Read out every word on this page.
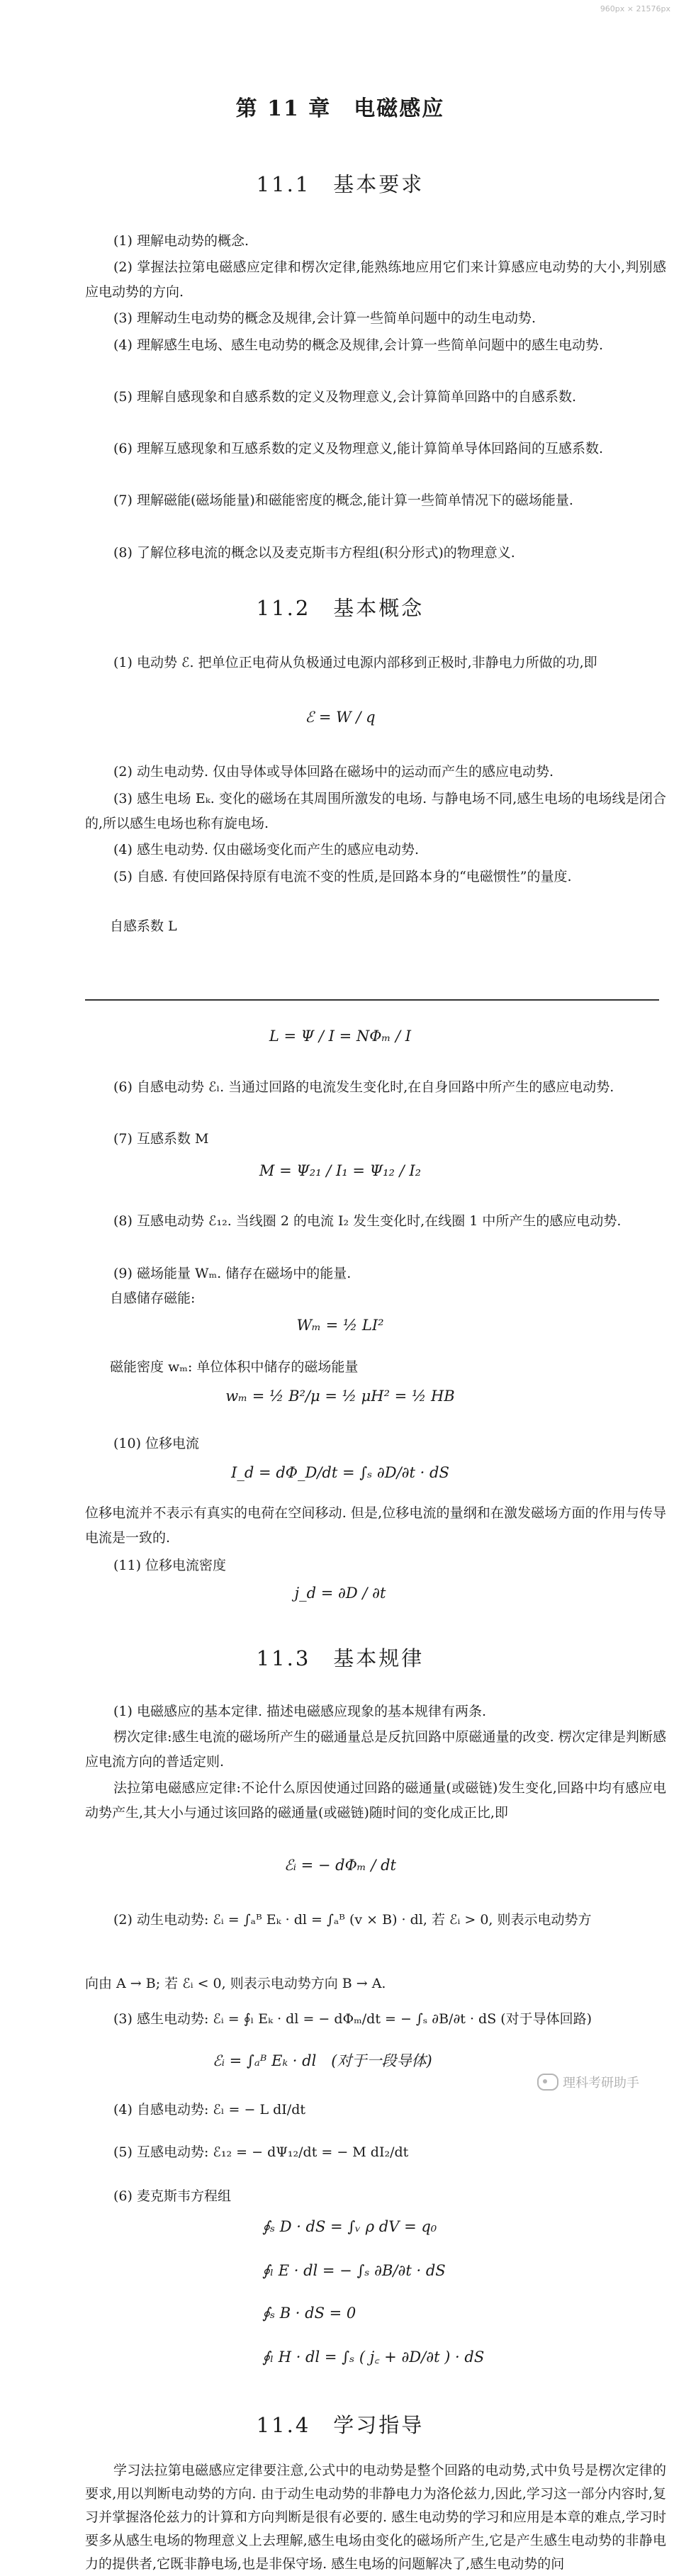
960px × 21576px
第 11 章　电磁感应
11.1　基本要求
(1) 理解电动势的概念.
(2) 掌握法拉第电磁感应定律和楞次定律,能熟练地应用它们来计算感应电动势的大小,判别感应电动势的方向.
(3) 理解动生电动势的概念及规律,会计算一些简单问题中的动生电动势.
(4) 理解感生电场、感生电动势的概念及规律,会计算一些简单问题中的感生电动势.
(5) 理解自感现象和自感系数的定义及物理意义,会计算简单回路中的自感系数.
(6) 理解互感现象和互感系数的定义及物理意义,能计算简单导体回路间的互感系数.
(7) 理解磁能(磁场能量)和磁能密度的概念,能计算一些简单情况下的磁场能量.
(8) 了解位移电流的概念以及麦克斯韦方程组(积分形式)的物理意义.
11.2　基本概念
(1) 电动势 ℰ. 把单位正电荷从负极通过电源内部移到正极时,非静电力所做的功,即
ℰ = W / q
(2) 动生电动势. 仅由导体或导体回路在磁场中的运动而产生的感应电动势.
(3) 感生电场 Eₖ. 变化的磁场在其周围所激发的电场. 与静电场不同,感生电场的电场线是闭合的,所以感生电场也称有旋电场.
(4) 感生电动势. 仅由磁场变化而产生的感应电动势.
(5) 自感. 有使回路保持原有电流不变的性质,是回路本身的“电磁惯性”的量度.
自感系数 L
L = Ψ / I = NΦₘ / I
(6) 自感电动势 ℰₗ. 当通过回路的电流发生变化时,在自身回路中所产生的感应电动势.
(7) 互感系数 M
M = Ψ₂₁ / I₁ = Ψ₁₂ / I₂
(8) 互感电动势 ℰ₁₂. 当线圈 2 的电流 I₂ 发生变化时,在线圈 1 中所产生的感应电动势.
(9) 磁场能量 Wₘ. 储存在磁场中的能量.
自感储存磁能:
Wₘ = ½ LI²
磁能密度 wₘ: 单位体积中储存的磁场能量
wₘ = ½ B²/μ = ½ μH² = ½ HB
(10) 位移电流
I_d = dΦ_D/dt = ∫ₛ ∂D/∂t · dS
位移电流并不表示有真实的电荷在空间移动. 但是,位移电流的量纲和在激发磁场方面的作用与传导电流是一致的.
(11) 位移电流密度
j_d = ∂D / ∂t
11.3　基本规律
(1) 电磁感应的基本定律. 描述电磁感应现象的基本规律有两条.
楞次定律:感生电流的磁场所产生的磁通量总是反抗回路中原磁通量的改变. 楞次定律是判断感应电流方向的普适定则.
法拉第电磁感应定律:不论什么原因使通过回路的磁通量(或磁链)发生变化,回路中均有感应电动势产生,其大小与通过该回路的磁通量(或磁链)随时间的变化成正比,即
ℰᵢ = − dΦₘ / dt
(2) 动生电动势: ℰᵢ = ∫ₐᴮ Eₖ · dl = ∫ₐᴮ (v × B) · dl, 若 ℰᵢ > 0, 则表示电动势方
向由 A → B; 若 ℰᵢ < 0, 则表示电动势方向 B → A.
(3) 感生电动势: ℰᵢ = ∮ₗ Eₖ · dl = − dΦₘ/dt = − ∫ₛ ∂B/∂t · dS (对于导体回路)
ℰᵢ = ∫ₐᴮ Eₖ · dl　(对于一段导体)
(4) 自感电动势: ℰₗ = − L dI/dt
(5) 互感电动势: ℰ₁₂ = − dΨ₁₂/dt = − M dI₂/dt
(6) 麦克斯韦方程组
∮ₛ D · dS = ∫ᵥ ρ dV = q₀
∮ₗ E · dl = − ∫ₛ ∂B/∂t · dS
∮ₛ B · dS = 0
∮ₗ H · dl = ∫ₛ ( j꜀ + ∂D/∂t ) · dS
11.4　学习指导
学习法拉第电磁感应定律要注意,公式中的电动势是整个回路的电动势,式中负号是楞次定律的要求,用以判断电动势的方向. 由于动生电动势的非静电力为洛伦兹力,因此,学习这一部分内容时,复习并掌握洛伦兹力的计算和方向判断是很有必要的. 感生电动势的学习和应用是本章的难点,学习时要多从感生电场的物理意义上去理解,感生电场由变化的磁场所产生,它是产生感生电动势的非静电力的提供者,它既非静电场,也是非保守场. 感生电场的问题解决了,感生电动势的问
理科考研助手
